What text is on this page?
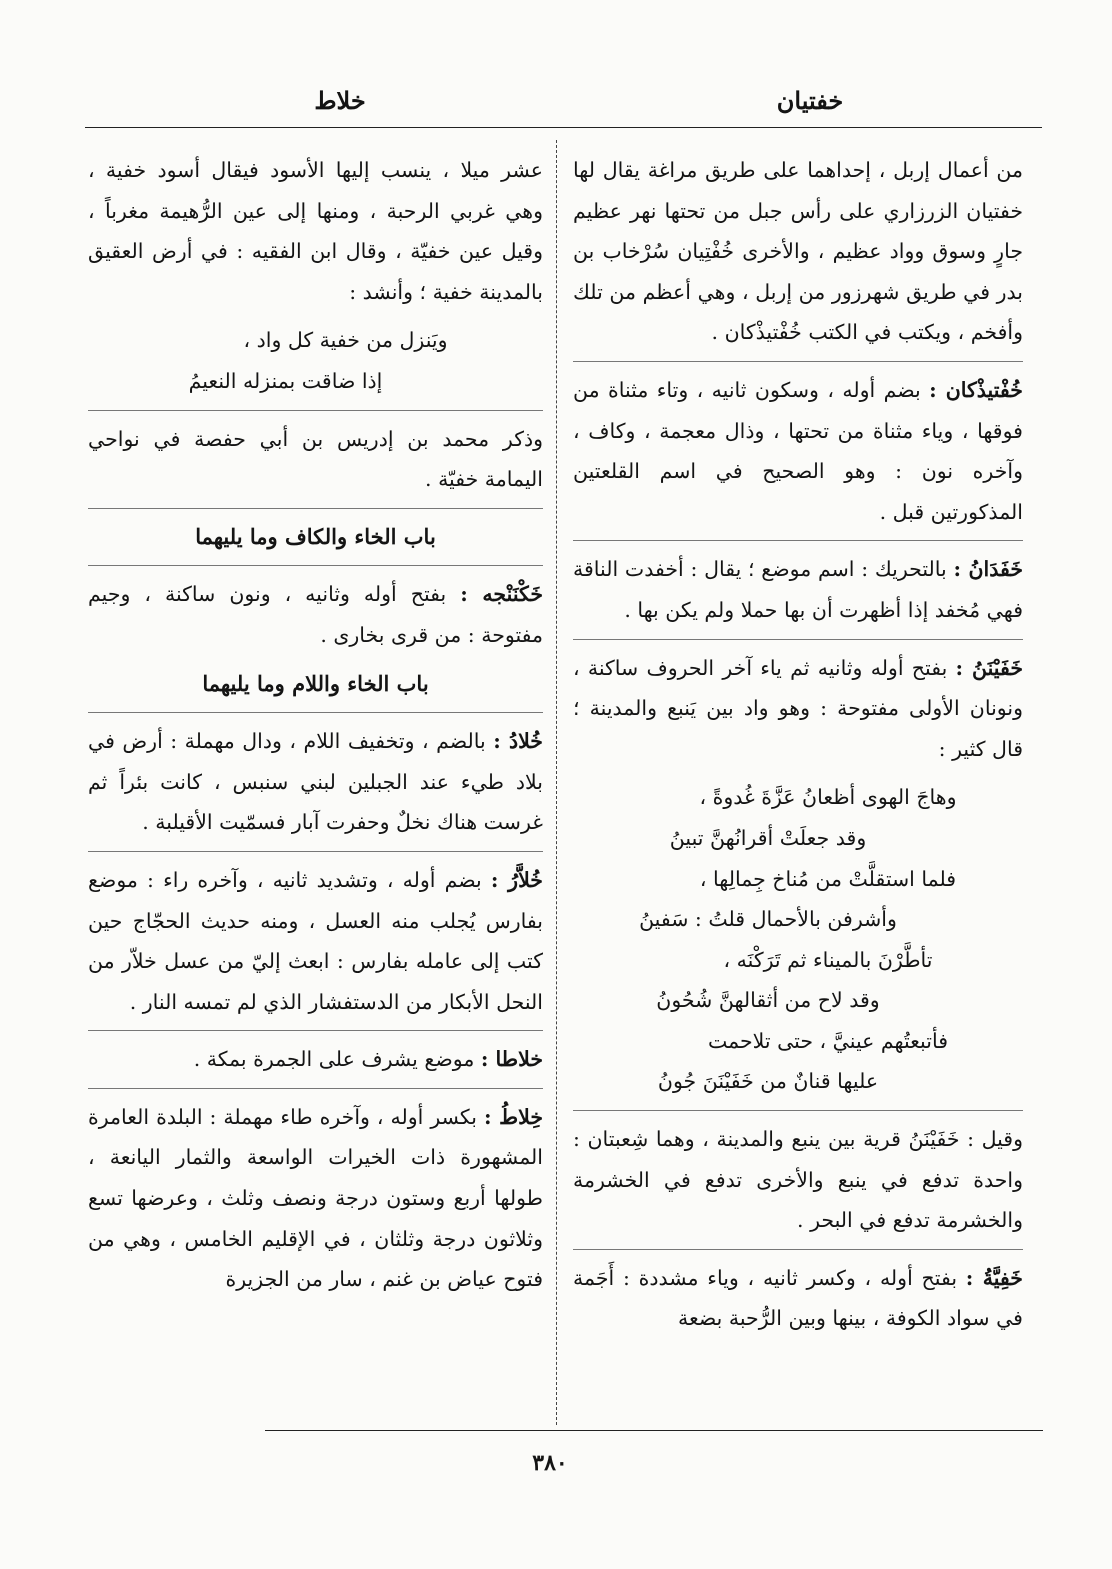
خفتيان
خلاط

من أعمال إربل ، إحداهما على طريق مراغة يقال لها خفتيان الزرزاري على رأس جبل من تحتها نهر عظيم جارٍ وسوق وواد عظيم ، والأخرى خُفْتِيان سُرْخاب بن بدر في طريق شهرزور من إربل ، وهي أعظم من تلك وأفخم ، ويكتب في الكتب خُفْتيذْكان .

خُفْتيذْكان : بضم أوله ، وسكون ثانيه ، وتاء مثناة من فوقها ، وياء مثناة من تحتها ، وذال معجمة ، وكاف ، وآخره نون : وهو الصحيح في اسم القلعتين المذكورتين قبل .

خَفَدَانُ : بالتحريك : اسم موضع ؛ يقال : أخفدت الناقة فهي مُخفد إذا أظهرت أن بها حملا ولم يكن بها .

خَفَيْنَنُ : بفتح أوله وثانيه ثم ياء آخر الحروف ساكنة ، ونونان الأولى مفتوحة : وهو واد بين يَنبع والمدينة ؛ قال كثير :

وهاجَ الهوى أظعانُ عَزَّةَ غُدوةً ،
وقد جعلَتْ أقرانُهنَّ تبينُ
فلما استقلَّتْ من مُناخ جِمالِها ،
وأشرفن بالأحمال قلتُ : سَفينُ
تأطَّرْنَ بالميناء ثم تَرَكْنَه ،
وقد لاح من أثقالهنَّ شُحُونُ
فأتبعتُهم عينيَّ ، حتى تلاحمت
عليها قنانٌ من خَفَيْنَنَ جُونُ

وقيل : خَفَيْنَنُ قرية بين ينبع والمدينة ، وهما شِعبتان : واحدة تدفع في ينبع والأخرى تدفع في الخشرمة والخشرمة تدفع في البحر .

خَفِيَّةُ : بفتح أوله ، وكسر ثانيه ، وياء مشددة : أَجَمة في سواد الكوفة ، بينها وبين الرُّحبة بضعة

عشر ميلا ، ينسب إليها الأسود فيقال أسود خفية ، وهي غربي الرحبة ، ومنها إلى عين الرُّهيمة مغرباً ، وقيل عين خفيّة ، وقال ابن الفقيه : في أرض العقيق بالمدينة خفية ؛ وأنشد :

ويَنزل من خفية كل واد ،
إذا ضاقت بمنزله النعيمُ

وذكر محمد بن إدريس بن أبي حفصة في نواحي اليمامة خفيّة .

باب الخاء والكاف وما يليهما

خَكْنَنْجه : بفتح أوله وثانيه ، ونون ساكنة ، وجيم مفتوحة : من قرى بخارى .

باب الخاء واللام وما يليهما

خُلادُ : بالضم ، وتخفيف اللام ، ودال مهملة : أرض في بلاد طيء عند الجبلين لبني سنبس ، كانت بئراً ثم غرست هناك نخلٌ وحفرت آبار فسمّيت الأقيلبة .

خُلاَّرُ : بضم أوله ، وتشديد ثانيه ، وآخره راء : موضع بفارس يُجلب منه العسل ، ومنه حديث الحجّاج حين كتب إلى عامله بفارس : ابعث إليّ من عسل خلاّر من النحل الأبكار من الدستفشار الذي لم تمسه النار .

خلاطا : موضع يشرف على الجمرة بمكة .

خِلاطُ : بكسر أوله ، وآخره طاء مهملة : البلدة العامرة المشهورة ذات الخيرات الواسعة والثمار اليانعة ، طولها أربع وستون درجة ونصف وثلث ، وعرضها تسع وثلاثون درجة وثلثان ، في الإقليم الخامس ، وهي من فتوح عياض بن غنم ، سار من الجزيرة

٣٨٠
